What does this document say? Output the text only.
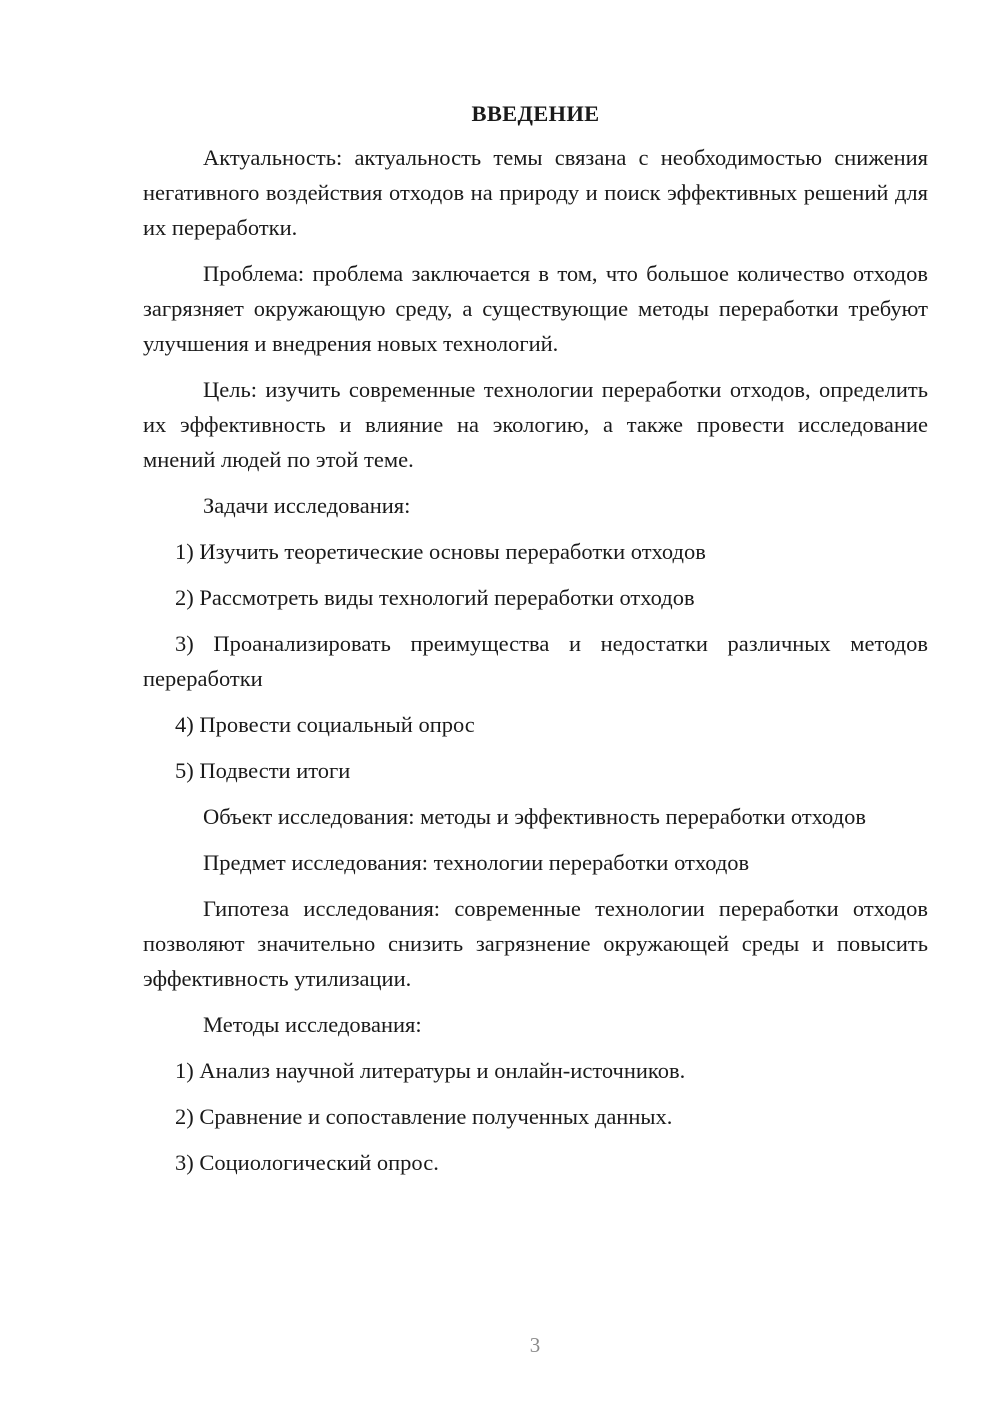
ВВЕДЕНИЕ

Актуальность: актуальность темы связана с необходимостью снижения негативного воздействия отходов на природу и поиск эффективных решений для их переработки.

Проблема: проблема заключается в том, что большое количество отходов загрязняет окружающую среду, а существующие методы переработки требуют улучшения и внедрения новых технологий.

Цель: изучить современные технологии переработки отходов, определить их эффективность и влияние на экологию, а также провести исследование мнений людей по этой теме.

Задачи исследования:

1) Изучить теоретические основы переработки отходов

2) Рассмотреть виды технологий переработки отходов

3) Проанализировать преимущества и недостатки различных методов переработки

4) Провести социальный опрос

5) Подвести итоги

Объект исследования: методы и эффективность переработки отходов

Предмет исследования: технологии переработки отходов

Гипотеза исследования: современные технологии переработки отходов позволяют значительно снизить загрязнение окружающей среды и повысить эффективность утилизации.

Методы исследования:

1) Анализ научной литературы и онлайн-источников.

2) Сравнение и сопоставление полученных данных.

3) Социологический опрос.

3
